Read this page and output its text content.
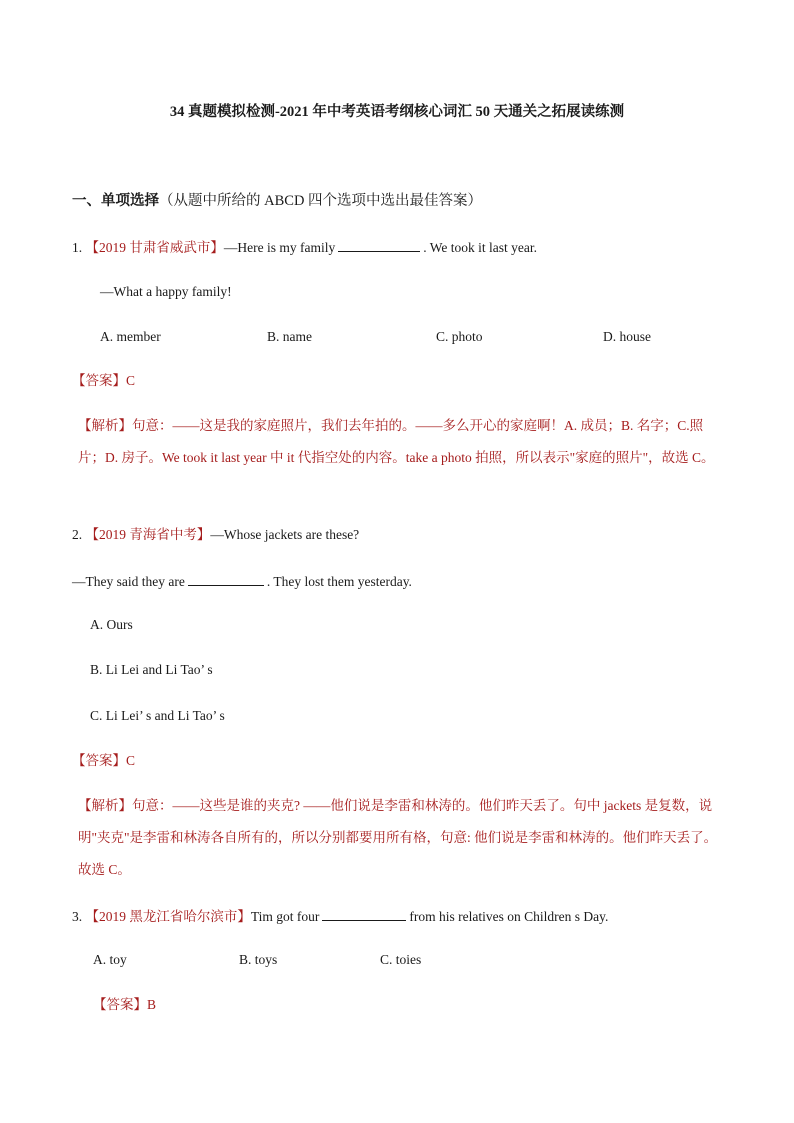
34 真题模拟检测-2021 年中考英语考纲核心词汇 50 天通关之拓展读练测
一、单项选择（从题中所给的 ABCD 四个选项中选出最佳答案）
1. 【2019 甘肃省威武市】—Here is my family	. We took it last year.
—What a happy family!
A. member	B. name	C. photo	D. house
【答案】C
【解析】句意：——这是我的家庭照片，我们去年拍的。——多么开心的家庭啊！A. 成员；B. 名字；C.照片；D. 房子。We took it last year 中 it 代指空处的内容。take a photo 拍照，所以表示"家庭的照片"，故选 C。
2. 【2019 青海省中考】—Whose jackets are these?
—They said they are	. They lost them yesterday.
A. Ours
B. Li Lei and Li Tao’ s
C. Li Lei’ s and Li Tao’ s
【答案】C
【解析】句意：——这些是谁的夹克? ——他们说是李雷和林涛的。他们昨天丢了。句中 jackets 是复数，说明"夹克"是李雷和林涛各自所有的，所以分别都要用所有格，句意: 他们说是李雷和林涛的。他们昨天丢了。 故选 C。
3. 【2019 黑龙江省哈尔滨市】Tim got four	from his relatives on Children s Day.
A. toy	B. toys	C. toies
【答案】B
